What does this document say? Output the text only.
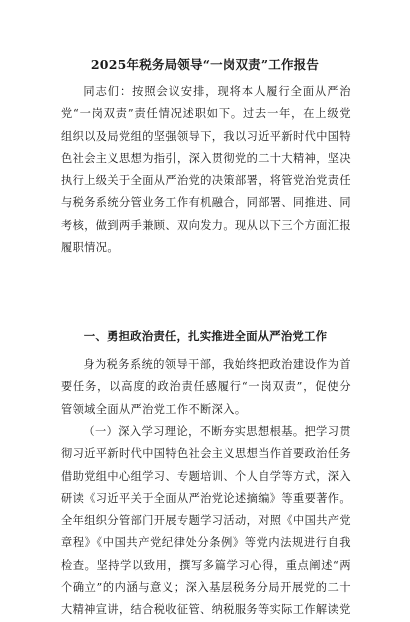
2025年税务局领导“一岗双责”工作报告
同志们：按照会议安排，现将本人履行全面从严治党“一岗双责”责任情况述职如下。过去一年，在上级党组织以及局党组的坚强领导下，我以习近平新时代中国特色社会主义思想为指引，深入贯彻党的二十大精神，坚决执行上级关于全面从严治党的决策部署，将管党治党责任与税务系统分管业务工作有机融合，同部署、同推进、同考核，做到两手兼顾、双向发力。现从以下三个方面汇报履职情况。
一、勇担政治责任，扎实推进全面从严治党工作
身为税务系统的领导干部，我始终把政治建设作为首要任务，以高度的政治责任感履行“一岗双责”，促使分管领域全面从严治党工作不断深入。
（一）深入学习理论，不断夯实思想根基。把学习贯彻习近平新时代中国特色社会主义思想当作首要政治任务借助党组中心组学习、专题培训、个人自学等方式，深入研读《习近平关于全面从严治党论述摘编》等重要著作。全年组织分管部门开展专题学习活动，对照《中国共产党章程》《中国共产党纪律处分条例》等党内法规进行自我检查。坚持学以致用，撰写多篇学习心得，重点阐述“两个确立”的内涵与意义；深入基层税务分局开展党的二十大精神宣讲，结合税收征管、纳税服务等实际工作解读党
